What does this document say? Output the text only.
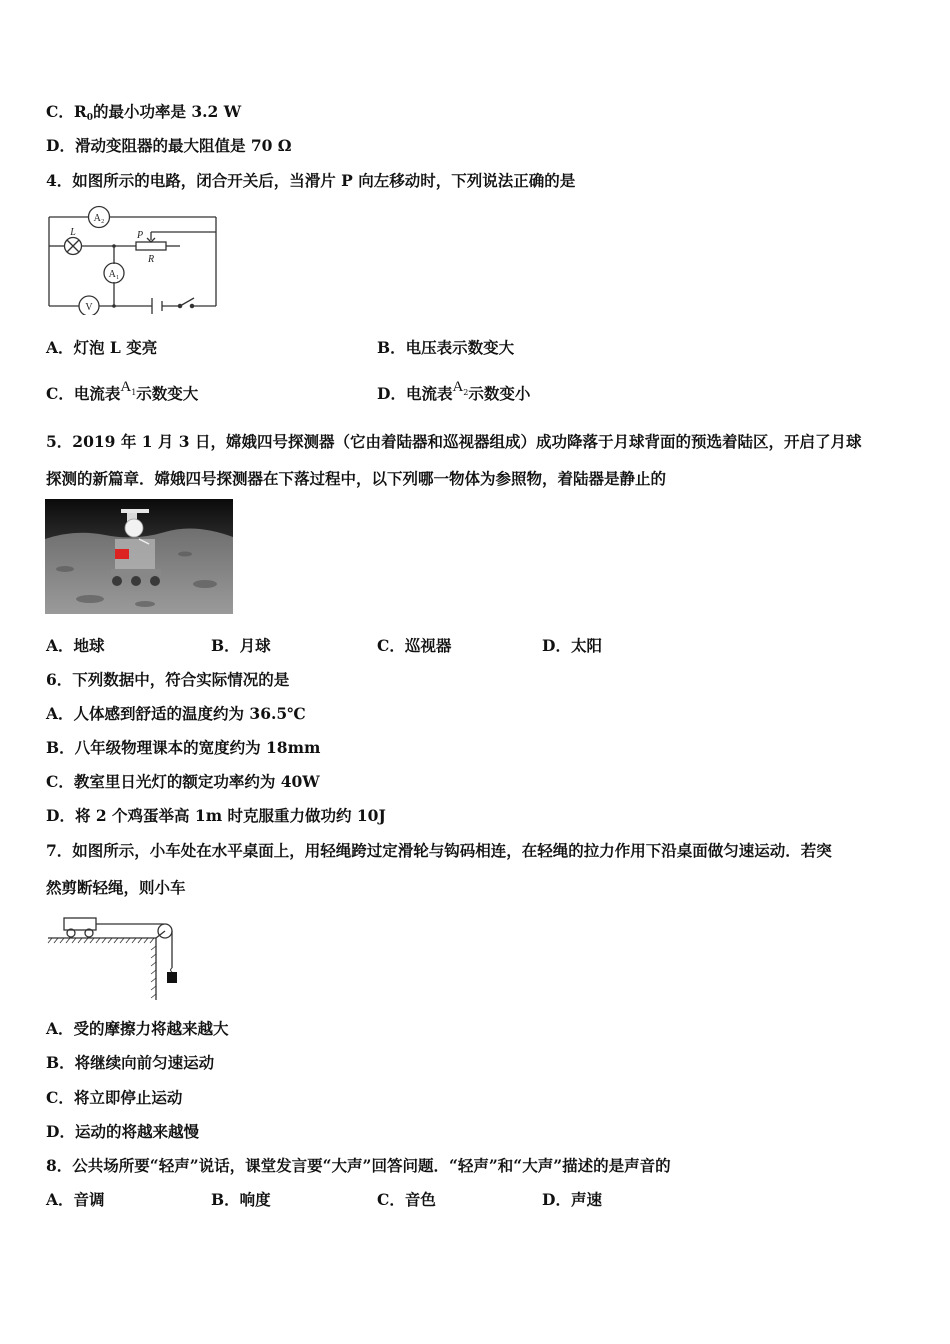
C．$R_0$的最小功率是 3.2 W
D．滑动变阻器的最大阻值是 70 Ω
4．如图所示的电路，闭合开关后，当滑片 P 向左移动时，下列说法正确的是
A₂
A₁
V
L	P
R
A．灯泡 L 变亮	B．电压表示数变大
C．电流表$A_1$示数变大	D．电流表$A_2$示数变小
5．2019 年 1 月 3 日，嫦娥四号探测器（它由着陆器和巡视器组成）成功降落于月球背面的预选着陆区，开启了月球
探测的新篇章．嫦娥四号探测器在下落过程中，以下列哪一物体为参照物，着陆器是静止的
A．地球	B．月球	C．巡视器	D．太阳
6．下列数据中，符合实际情况的是
A．人体感到舒适的温度约为 36.5℃
B．八年级物理课本的宽度约为 18mm
C．教室里日光灯的额定功率约为 40W
D．将 2 个鸡蛋举高 1m 时克服重力做功约 10J
7．如图所示，小车处在水平桌面上，用轻绳跨过定滑轮与钩码相连，在轻绳的拉力作用下沿桌面做匀速运动．若突
然剪断轻绳，则小车
A．受的摩擦力将越来越大
B．将继续向前匀速运动
C．将立即停止运动
D．运动的将越来越慢
8．公共场所要“轻声”说话，课堂发言要“大声”回答问题．“轻声”和“大声”描述的是声音的
A．音调	B．响度	C．音色	D．声速
